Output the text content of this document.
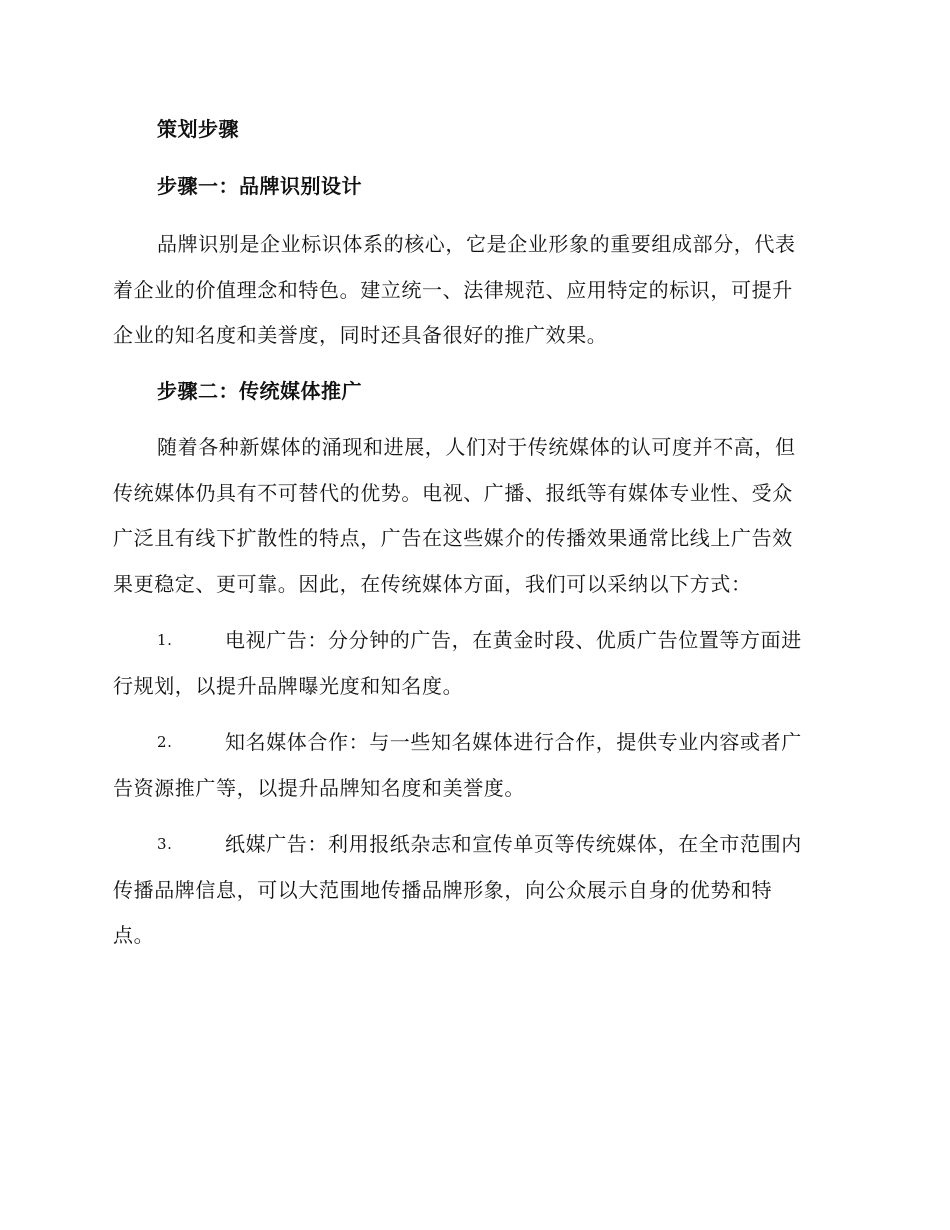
策划步骤
步骤一：品牌识别设计
品牌识别是企业标识体系的核心，它是企业形象的重要组成部分，代表
着企业的价值理念和特色。建立统一、法律规范、应用特定的标识，可提升
企业的知名度和美誉度，同时还具备很好的推广效果。
步骤二：传统媒体推广
随着各种新媒体的涌现和进展，人们对于传统媒体的认可度并不高，但
传统媒体仍具有不可替代的优势。电视、广播、报纸等有媒体专业性、受众
广泛且有线下扩散性的特点，广告在这些媒介的传播效果通常比线上广告效
果更稳定、更可靠。因此，在传统媒体方面，我们可以采纳以下方式：
1.	电视广告：分分钟的广告，在黄金时段、优质广告位置等方面进
行规划，以提升品牌曝光度和知名度。
2.	知名媒体合作：与一些知名媒体进行合作，提供专业内容或者广
告资源推广等，以提升品牌知名度和美誉度。
3.	纸媒广告：利用报纸杂志和宣传单页等传统媒体，在全市范围内
传播品牌信息，可以大范围地传播品牌形象，向公众展示自身的优势和特
点。
